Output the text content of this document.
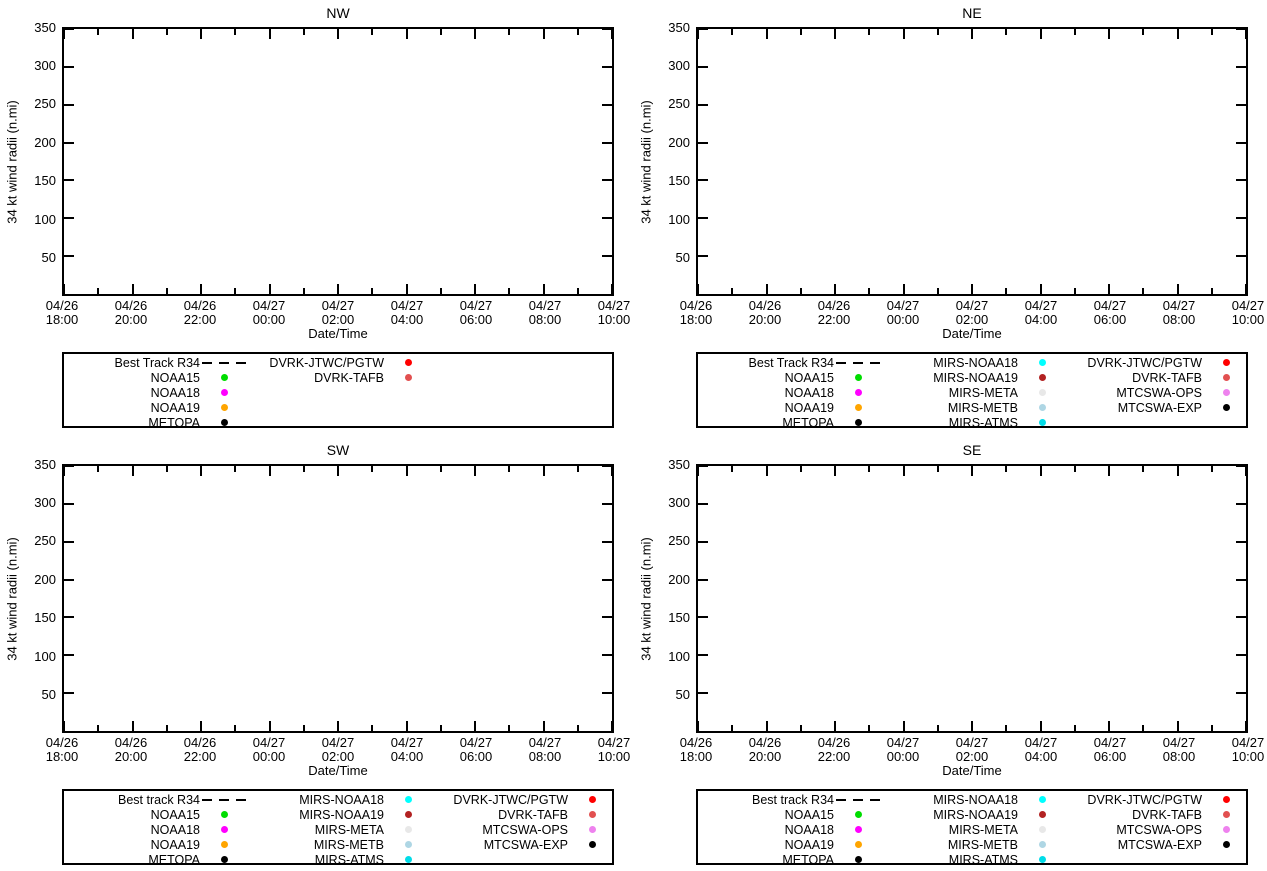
NW
34 kt wind radii (n.mi)
50
100
150
200
250
300
350
04/26
18:00
04/26
20:00
04/26
22:00
04/27
00:00
04/27
02:00
04/27
04:00
04/27
06:00
04/27
08:00
04/27
10:00
Date/Time
Best Track R34
NOAA15
NOAA18
NOAA19
METOPA
DVRK-JTWC/PGTW
DVRK-TAFB
NE
34 kt wind radii (n.mi)
50
100
150
200
250
300
350
04/26
18:00
04/26
20:00
04/26
22:00
04/27
00:00
04/27
02:00
04/27
04:00
04/27
06:00
04/27
08:00
04/27
10:00
Date/Time
Best Track R34
NOAA15
NOAA18
NOAA19
METOPA
MIRS-NOAA18
MIRS-NOAA19
MIRS-META
MIRS-METB
MIRS-ATMS
DVRK-JTWC/PGTW
DVRK-TAFB
MTCSWA-OPS
MTCSWA-EXP
SW
34 kt wind radii (n.mi)
50
100
150
200
250
300
350
04/26
18:00
04/26
20:00
04/26
22:00
04/27
00:00
04/27
02:00
04/27
04:00
04/27
06:00
04/27
08:00
04/27
10:00
Date/Time
Best track R34
NOAA15
NOAA18
NOAA19
METOPA
MIRS-NOAA18
MIRS-NOAA19
MIRS-META
MIRS-METB
MIRS-ATMS
DVRK-JTWC/PGTW
DVRK-TAFB
MTCSWA-OPS
MTCSWA-EXP
SE
34 kt wind radii (n.mi)
50
100
150
200
250
300
350
04/26
18:00
04/26
20:00
04/26
22:00
04/27
00:00
04/27
02:00
04/27
04:00
04/27
06:00
04/27
08:00
04/27
10:00
Date/Time
Best track R34
NOAA15
NOAA18
NOAA19
METOPA
MIRS-NOAA18
MIRS-NOAA19
MIRS-META
MIRS-METB
MIRS-ATMS
DVRK-JTWC/PGTW
DVRK-TAFB
MTCSWA-OPS
MTCSWA-EXP
